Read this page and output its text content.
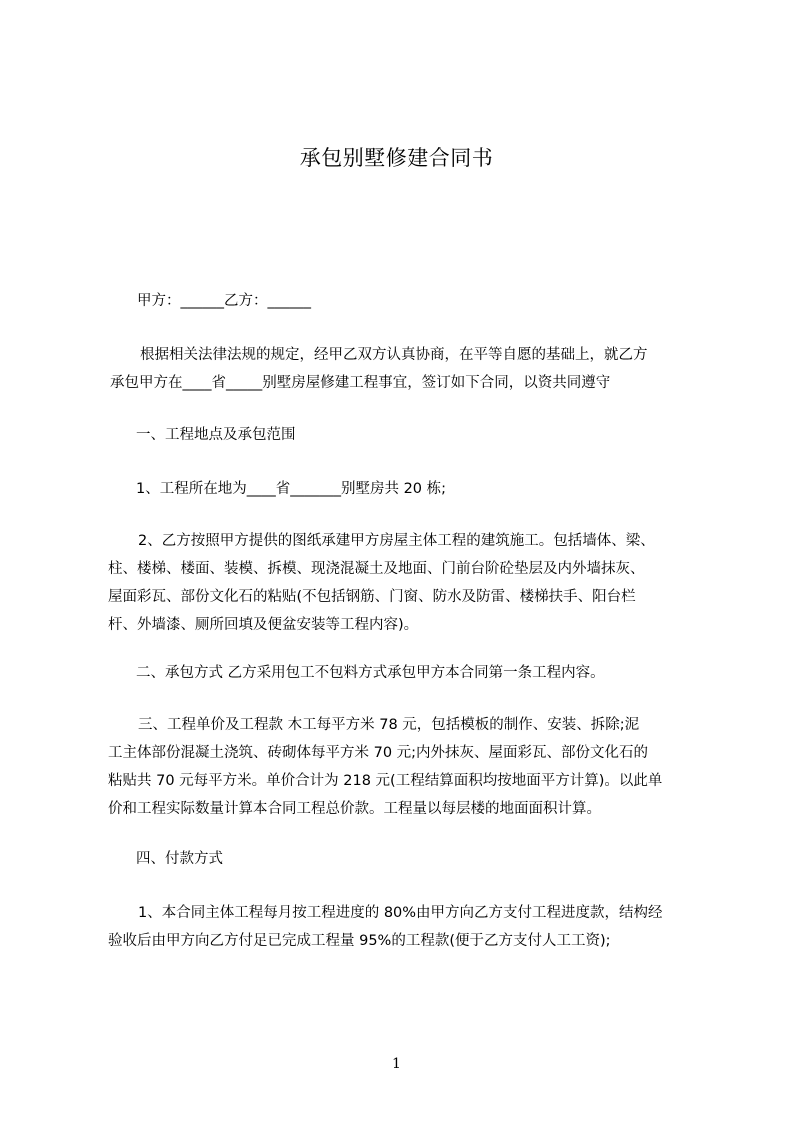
承包别墅修建合同书
甲方：______乙方：______
根据相关法律法规的规定，经甲乙双方认真协商，在平等自愿的基础上，就乙方
承包甲方在____省_____别墅房屋修建工程事宜，签订如下合同，以资共同遵守
一、工程地点及承包范围
1、工程所在地为____省_______别墅房共 20 栋;
2、乙方按照甲方提供的图纸承建甲方房屋主体工程的建筑施工。包括墙体、梁、
柱、楼梯、楼面、装模、拆模、现浇混凝土及地面、门前台阶砼垫层及内外墙抹灰、
屋面彩瓦、部份文化石的粘贴(不包括钢筋、门窗、防水及防雷、楼梯扶手、阳台栏
杆、外墙漆、厕所回填及便盆安装等工程内容)。
二、承包方式 乙方采用包工不包料方式承包甲方本合同第一条工程内容。
三、工程单价及工程款 木工每平方米 78 元，包括模板的制作、安装、拆除;泥
工主体部份混凝土浇筑、砖砌体每平方米 70 元;内外抹灰、屋面彩瓦、部份文化石的
粘贴共 70 元每平方米。单价合计为 218 元(工程结算面积均按地面平方计算)。以此单
价和工程实际数量计算本合同工程总价款。工程量以每层楼的地面面积计算。
四、付款方式
1、本合同主体工程每月按工程进度的 80%由甲方向乙方支付工程进度款，结构经
验收后由甲方向乙方付足已完成工程量 95%的工程款(便于乙方支付人工工资);
1
